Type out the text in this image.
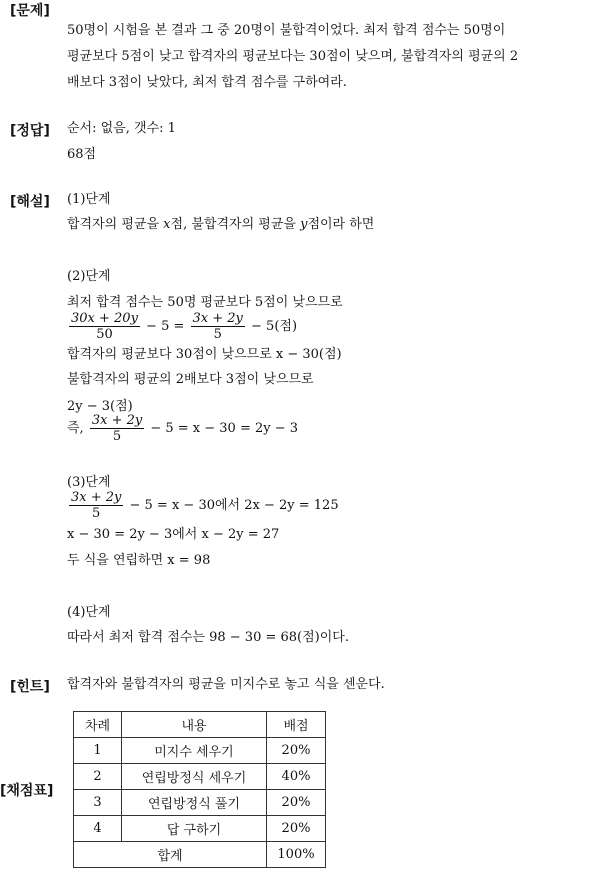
[문제]
50명이 시험을 본 결과 그 중 20명이 불합격이었다. 최저 합격 점수는 50명이
평균보다 5점이 낮고 합격자의 평균보다는 30점이 낮으며, 불합격자의 평균의 2
배보다 3점이 낮았다, 최저 합격 점수를 구하여라.
[정답] 순서: 없음, 갯수: 1
68점
[해설] (1)단계
합격자의 평균을 x점, 불합격자의 평균을 y점이라 하면
(2)단계
최저 합격 점수는 50명 평균보다 5점이 낮으므로
$\frac{30x + 20y}{50} - 5 = \frac{3x + 2y}{5} - 5$(점)
합격자의 평균보다 30점이 낮으므로 x − 30(점)
불합격자의 평균의 2배보다 3점이 낮으므로
2y − 3(점)
즉, $\frac{3x + 2y}{5} - 5 = x - 30 = 2y - 3$
(3)단계
$\frac{3x + 2y}{5} - 5 = x - 30$에서 2x − 2y = 125
x − 30 = 2y − 3에서 x − 2y = 27
두 식을 연립하면 x = 98
(4)단계
따라서 최저 합격 점수는 98 − 30 = 68(점)이다.
[힌트] 합격자와 불합격자의 평균을 미지수로 놓고 식을 센운다.
[채점표]
차례	내용	배점
1	미지수 세우기	20%
2	연립방정식 세우기	40%
3	연립방정식 풀기	20%
4	답 구하기	20%
합계		100%
